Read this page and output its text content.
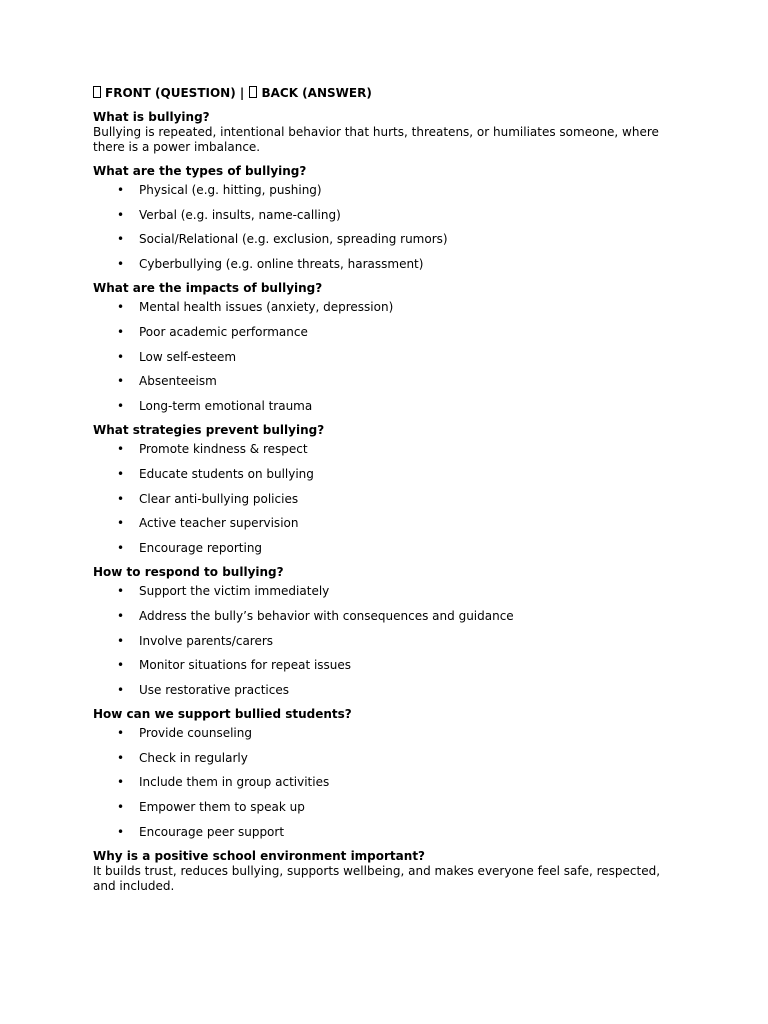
FRONT (QUESTION) | BACK (ANSWER)

What is bullying?

Bullying is repeated, intentional behavior that hurts, threatens, or humiliates someone, where there is a power imbalance.

What are the types of bullying?

• Physical (e.g. hitting, pushing)
• Verbal (e.g. insults, name-calling)
• Social/Relational (e.g. exclusion, spreading rumors)
• Cyberbullying (e.g. online threats, harassment)

What are the impacts of bullying?

• Mental health issues (anxiety, depression)
• Poor academic performance
• Low self-esteem
• Absenteeism
• Long-term emotional trauma

What strategies prevent bullying?

• Promote kindness & respect
• Educate students on bullying
• Clear anti-bullying policies
• Active teacher supervision
• Encourage reporting

How to respond to bullying?

• Support the victim immediately
• Address the bully’s behavior with consequences and guidance
• Involve parents/carers
• Monitor situations for repeat issues
• Use restorative practices

How can we support bullied students?

• Provide counseling
• Check in regularly
• Include them in group activities
• Empower them to speak up
• Encourage peer support

Why is a positive school environment important?

It builds trust, reduces bullying, supports wellbeing, and makes everyone feel safe, respected, and included.
